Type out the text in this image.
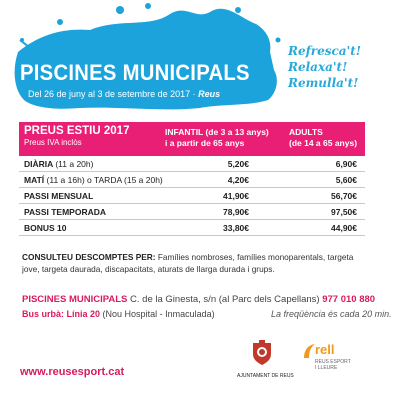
PISCINES MUNICIPALS
Del 26 de juny al 3 de setembre de 2017 · Reus
Refresca't!
Relaxa't!
Remulla't!
PREUS ESTIU 2017
Preus IVA inclòs
INFANTIL (de 3 a 13 anys)
i a partir de 65 anys
ADULTS
(de 14 a 65 anys)
DIÀRIA (11 a 20h)	5,20€	6,90€
MATÍ (11 a 16h) o TARDA (15 a 20h)	4,20€	5,60€
PASSI MENSUAL	41,90€	56,70€
PASSI TEMPORADA	78,90€	97,50€
BONUS 10	33,80€	44,90€
CONSULTEU DESCOMPTES PER: Famílies nombroses, famílies monoparentals, targeta jove, targeta daurada, discapacitats, aturats de llarga durada i grups.
PISCINES MUNICIPALS C. de la Ginesta, s/n (al Parc dels Capellans) 977 010 880
Bus urbà: Línia 20 (Nou Hospital - Inmaculada)	La freqüència és cada 20 min.
www.reusesport.cat	AJUNTAMENT DE REUS
rell
REUS ESPORT
I LLEURE
